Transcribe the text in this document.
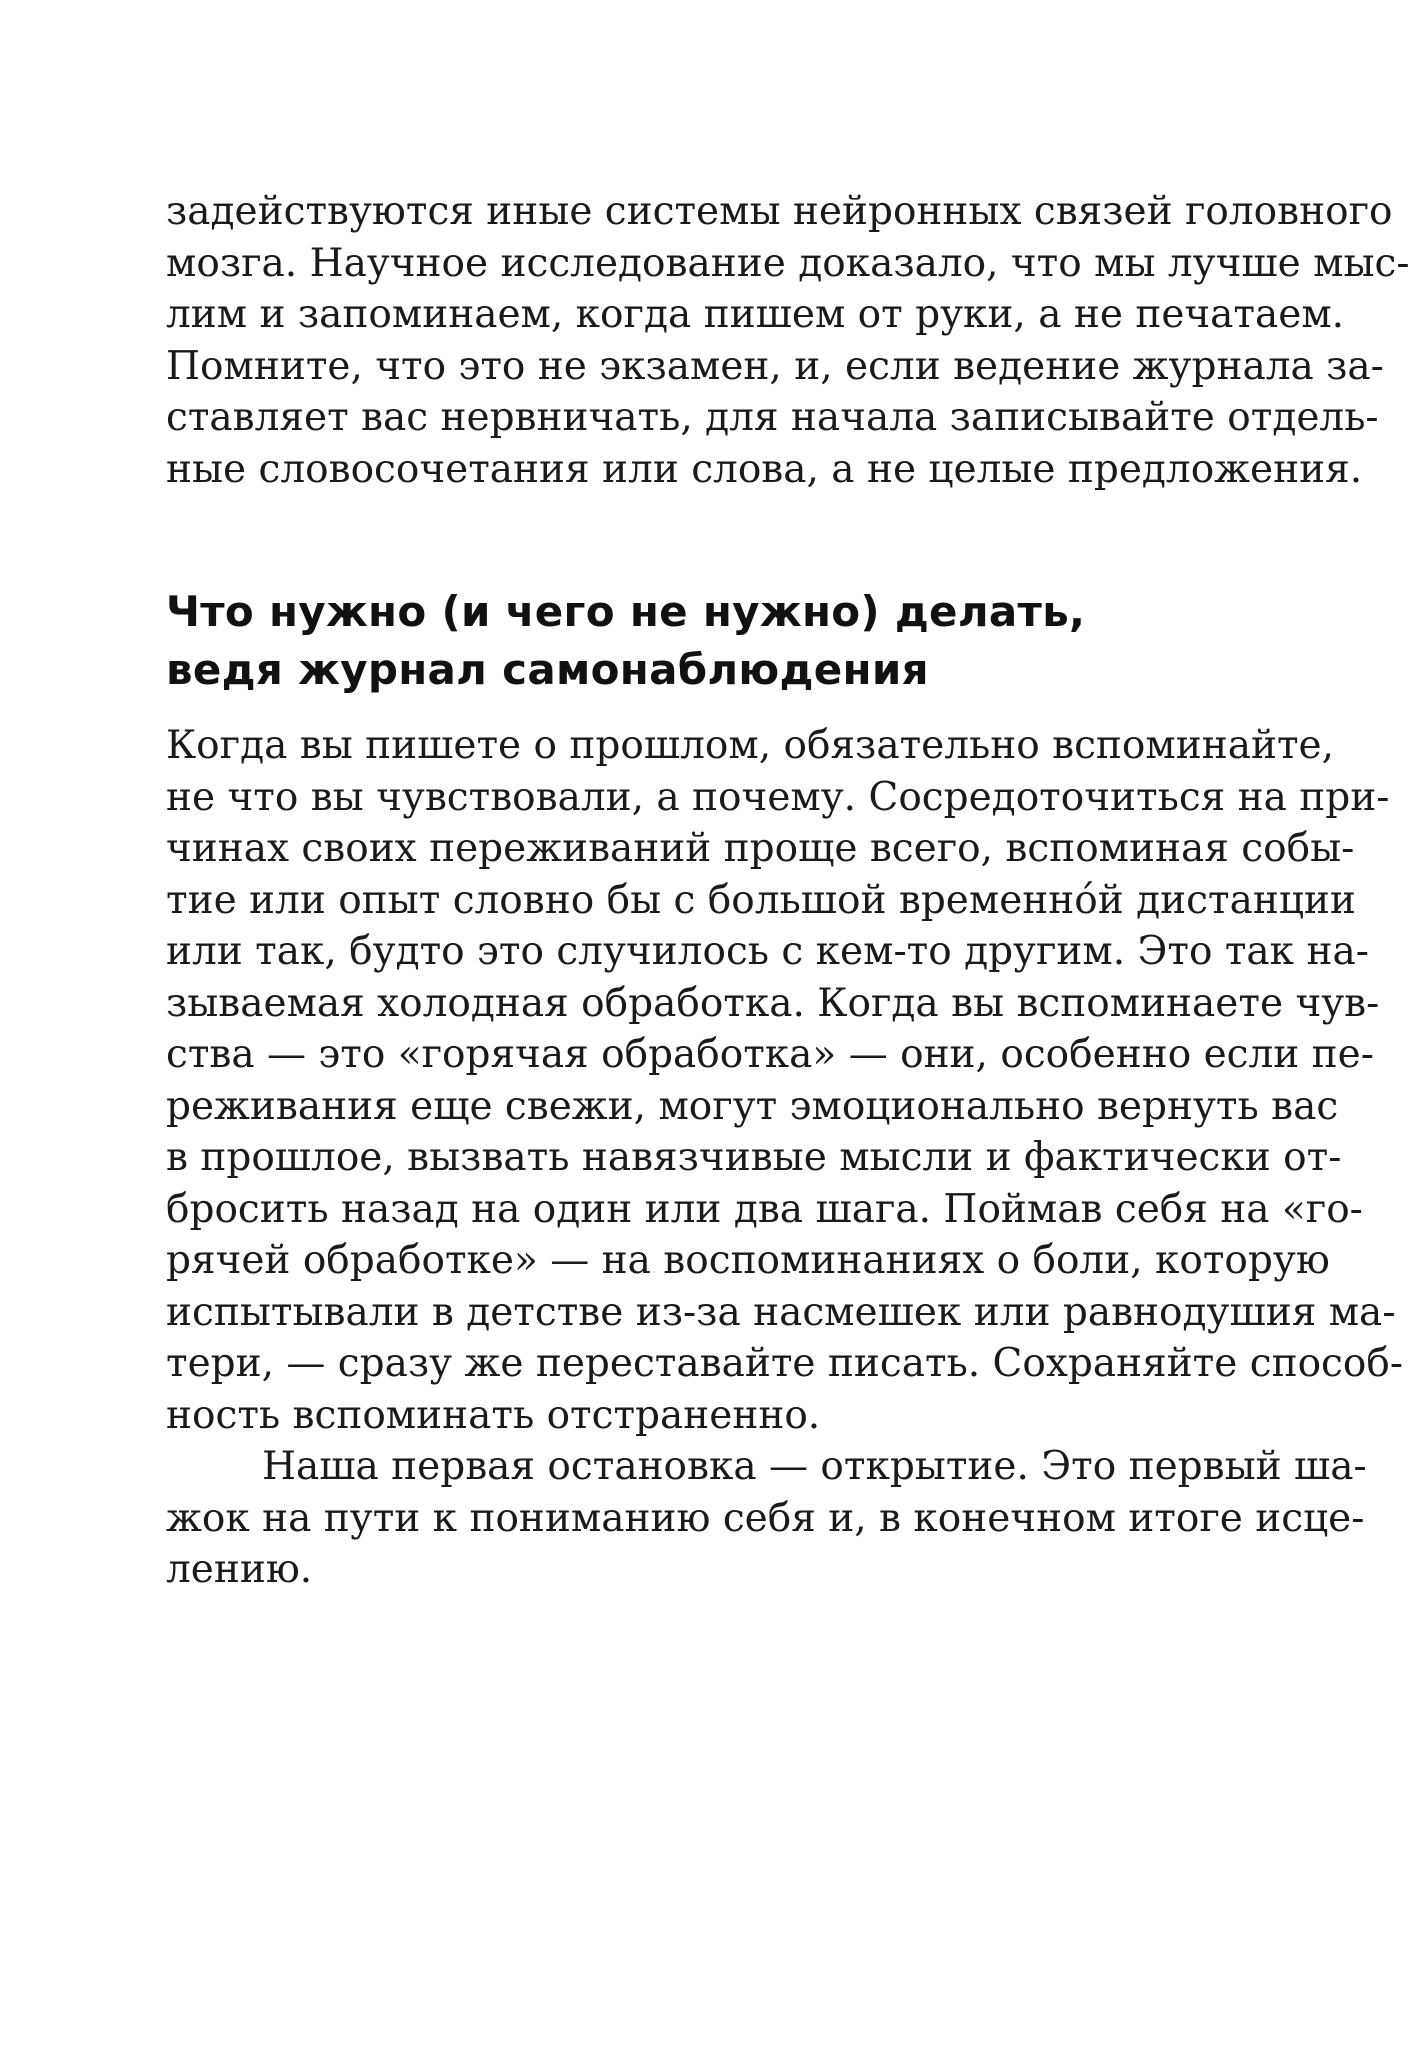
задействуются иные системы нейронных связей головного
мозга. Научное исследование доказало, что мы лучше мыс-
лим и запоминаем, когда пишем от руки, а не печатаем.
Помните, что это не экзамен, и, если ведение журнала за-
ставляет вас нервничать, для начала записывайте отдель-
ные словосочетания или слова, а не целые предложения.
Что нужно (и чего не нужно) делать,
ведя журнал самонаблюдения
Когда вы пишете о прошлом, обязательно вспоминайте,
не что вы чувствовали, а почему. Сосредоточиться на при-
чинах своих переживаний проще всего, вспоминая собы-
тие или опыт словно бы с большой временно́й дистанции
или так, будто это случилось с кем-то другим. Это так на-
зываемая холодная обработка. Когда вы вспоминаете чув-
ства — это «горячая обработка» — они, особенно если пе-
реживания еще свежи, могут эмоционально вернуть вас
в прошлое, вызвать навязчивые мысли и фактически от-
бросить назад на один или два шага. Поймав себя на «го-
рячей обработке» — на воспоминаниях о боли, которую
испытывали в детстве из-за насмешек или равнодушия ма-
тери, — сразу же переставайте писать. Сохраняйте способ-
ность вспоминать отстраненно.
Наша первая остановка — открытие. Это первый ша-
жок на пути к пониманию себя и, в конечном итоге исце-
лению.
